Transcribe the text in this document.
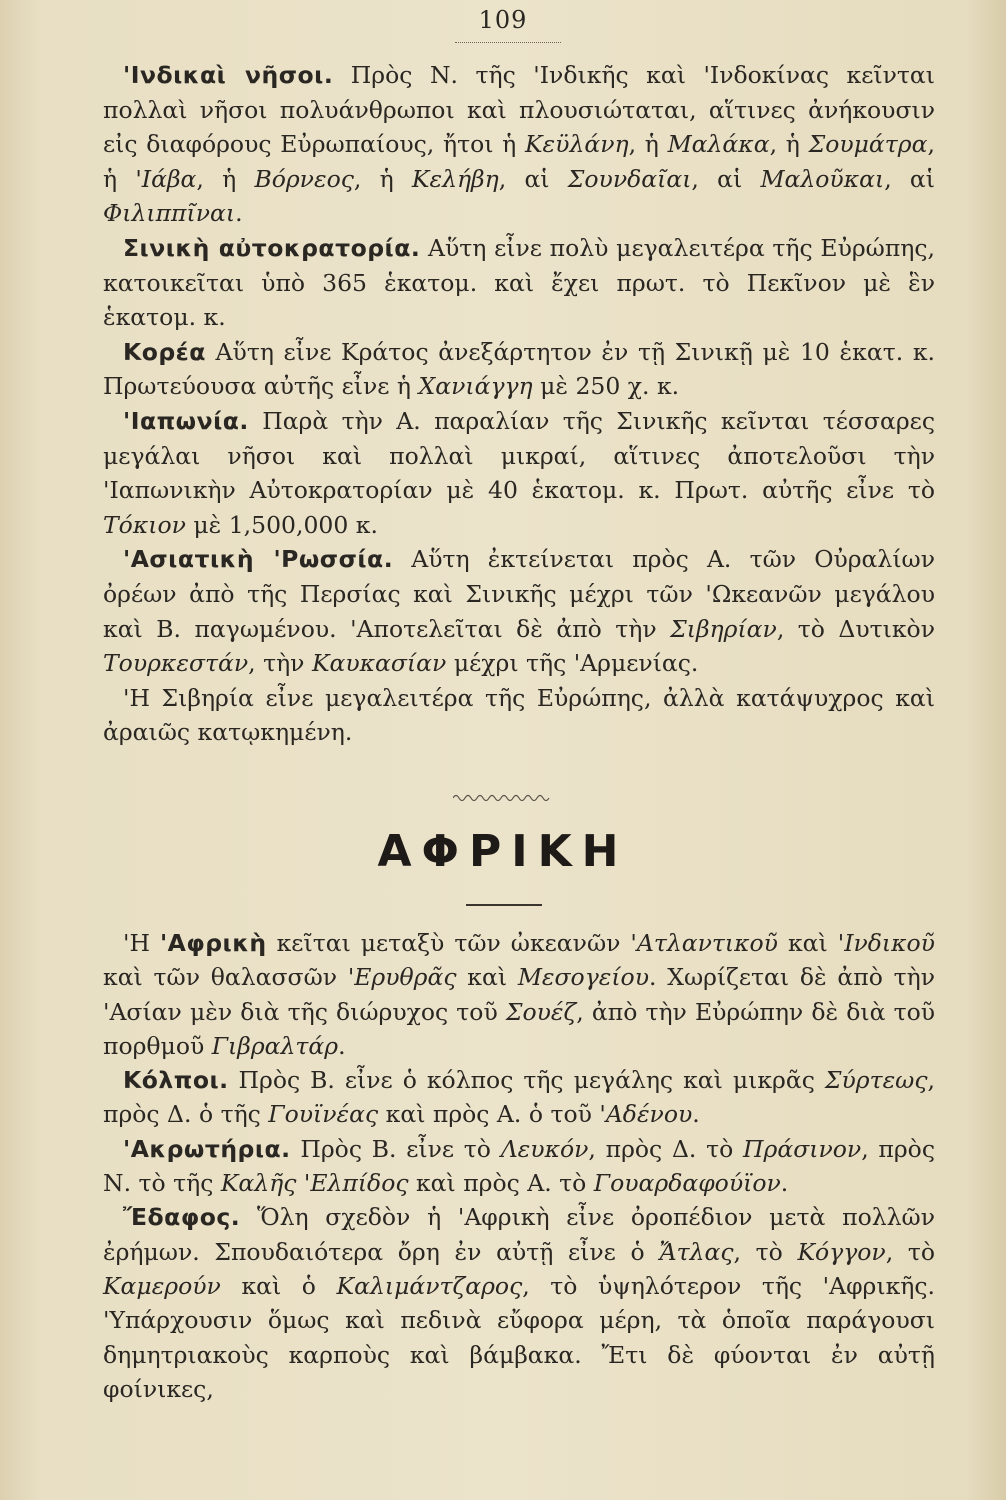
109

'Ινδικαὶ νῆσοι. Πρὸς Ν. τῆς 'Ινδικῆς καὶ 'Ινδοκίνας κεῖνται πολλαὶ νῆσοι πολυάνθρωποι καὶ πλουσιώταται, αἵτινες ἀνήκουσιν εἰς διαφόρους Εὐρωπαίους, ἤτοι ἡ Κεϋλάνη, ἡ Μαλάκα, ἡ Σουμάτρα, ἡ 'Ιάβα, ἡ Βόρνεος, ἡ Κελήβη, αἱ Σουνδαῖαι, αἱ Μαλοῦκαι, αἱ Φιλιππῖναι.

Σινικὴ αὐτοκρατορία. Αὕτη εἶνε πολὺ μεγαλειτέρα τῆς Εὐρώπης, κατοικεῖται ὑπὸ 365 ἑκατομ. καὶ ἔχει πρωτ. τὸ Πεκῖνον μὲ ἓν ἑκατομ. κ.

Κορέα Αὕτη εἶνε Κράτος ἀνεξάρτητον ἐν τῇ Σινικῇ μὲ 10 ἑκατ. κ. Πρωτεύουσα αὐτῆς εἶνε ἡ Χανιάγγη μὲ 250 χ. κ.

'Ιαπωνία. Παρὰ τὴν Α. παραλίαν τῆς Σινικῆς κεῖνται τέσσαρες μεγάλαι νῆσοι καὶ πολλαὶ μικραί, αἵτινες ἀποτελοῦσι τὴν 'Ιαπωνικὴν Αὐτοκρατορίαν μὲ 40 ἑκατομ. κ. Πρωτ. αὐτῆς εἶνε τὸ Τόκιον μὲ 1,500,000 κ.

'Ασιατικὴ 'Ρωσσία. Αὕτη ἐκτείνεται πρὸς Α. τῶν Οὐραλίων ὀρέων ἀπὸ τῆς Περσίας καὶ Σινικῆς μέχρι τῶν 'Ωκεανῶν μεγάλου καὶ Β. παγωμένου. 'Αποτελεῖται δὲ ἀπὸ τὴν Σιβηρίαν, τὸ Δυτικὸν Τουρκεστάν, τὴν Καυκασίαν μέχρι τῆς 'Αρμενίας.

'Η Σιβηρία εἶνε μεγαλειτέρα τῆς Εὐρώπης, ἀλλὰ κατάψυχρος καὶ ἀραιῶς κατῳκημένη.

ΑΦΡΙΚΗ

'Η 'Αφρικὴ κεῖται μεταξὺ τῶν ὠκεανῶν 'Ατλαντικοῦ καὶ 'Ινδικοῦ καὶ τῶν θαλασσῶν 'Ερυθρᾶς καὶ Μεσογείου. Χωρίζεται δὲ ἀπὸ τὴν 'Ασίαν μὲν διὰ τῆς διώρυχος τοῦ Σουέζ, ἀπὸ τὴν Εὐρώπην δὲ διὰ τοῦ πορθμοῦ Γιβραλτάρ.

Κόλποι. Πρὸς Β. εἶνε ὁ κόλπος τῆς μεγάλης καὶ μικρᾶς Σύρτεως, πρὸς Δ. ὁ τῆς Γουϊνέας καὶ πρὸς Α. ὁ τοῦ 'Αδένου.

'Ακρωτήρια. Πρὸς Β. εἶνε τὸ Λευκόν, πρὸς Δ. τὸ Πράσινον, πρὸς Ν. τὸ τῆς Καλῆς 'Ελπίδος καὶ πρὸς Α. τὸ Γουαρδαφούϊον.

Ἔδαφος. Ὅλη σχεδὸν ἡ 'Αφρικὴ εἶνε ὀροπέδιον μετὰ πολλῶν ἐρήμων. Σπουδαιότερα ὄρη ἐν αὐτῇ εἶνε ὁ Ἄτλας, τὸ Κόγγον, τὸ Καμερούν καὶ ὁ Καλιμάντζαρος, τὸ ὑψηλότερον τῆς 'Αφρικῆς. 'Υπάρχουσιν ὅμως καὶ πεδινὰ εὔφορα μέρη, τὰ ὁποῖα παράγουσι δημητριακοὺς καρποὺς καὶ βάμβακα. Ἔτι δὲ φύονται ἐν αὐτῇ φοίνικες,
